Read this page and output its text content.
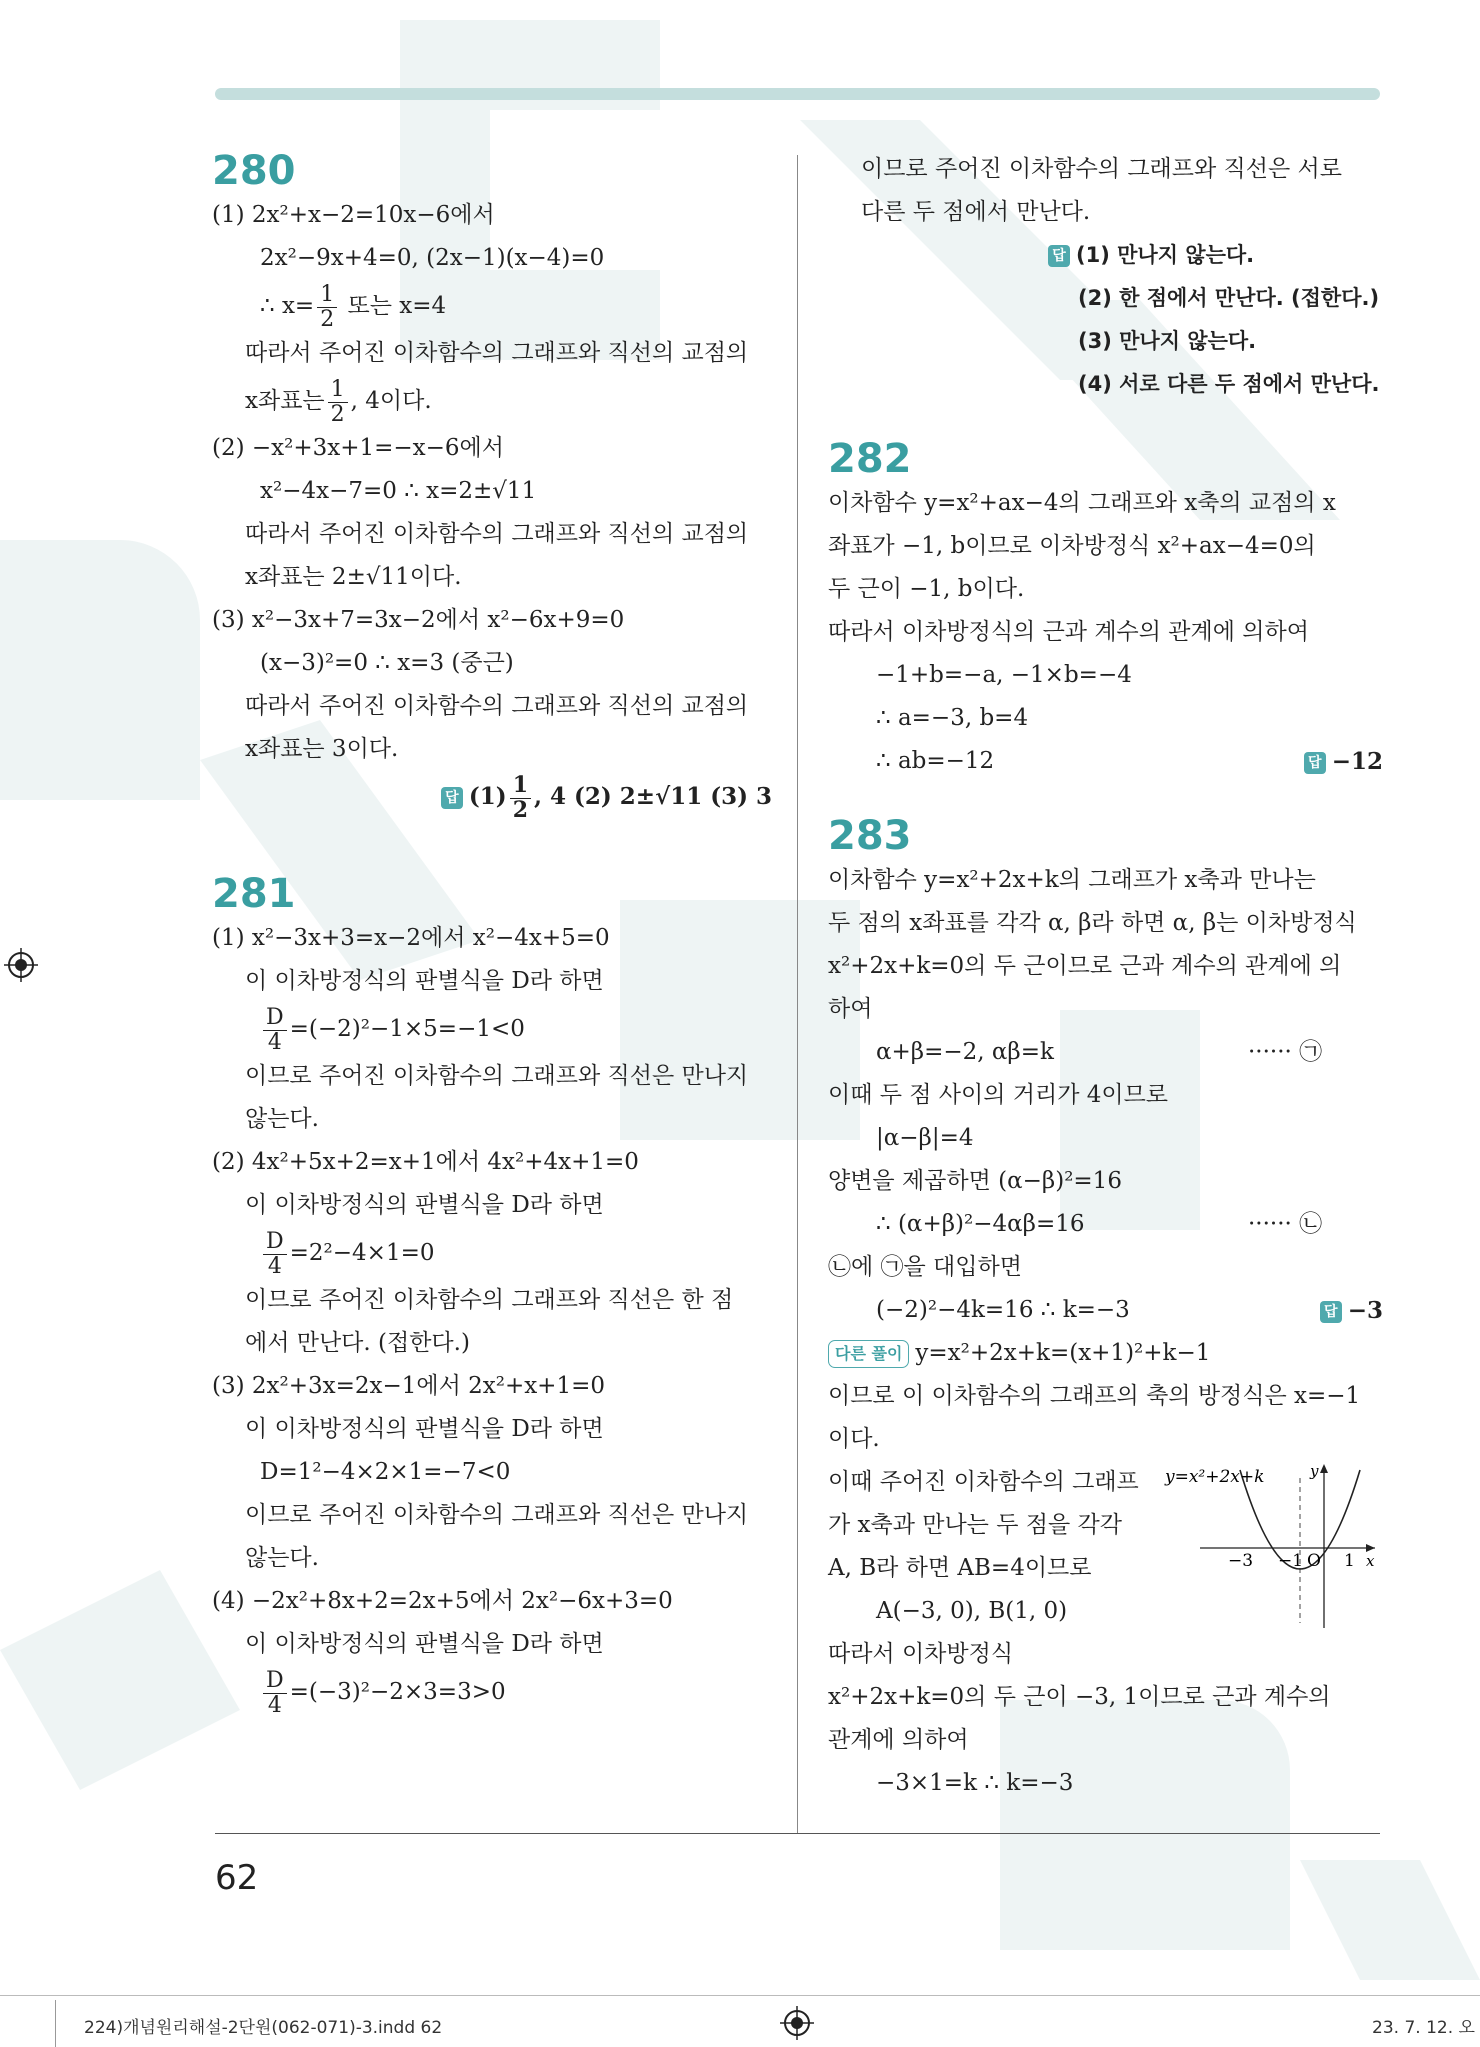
280
(1) 2x²+x−2=10x−6에서
2x²−9x+4=0, (2x−1)(x−4)=0
∴ $x= \frac{1}{2}$ 또는 x=4
따라서 주어진 이차함수의 그래프와 직선의 교점의
x좌표는 $\frac{1}{2}$ , 4이다.
(2) −x²+3x+1=−x−6에서
x²−4x−7=0 ∴ x=2±√11
따라서 주어진 이차함수의 그래프와 직선의 교점의
x좌표는 2±√11이다.
(3) x²−3x+7=3x−2에서 x²−6x+9=0
(x−3)²=0 ∴ x=3 (중근)
따라서 주어진 이차함수의 그래프와 직선의 교점의
x좌표는 3이다.
답 $(1) \frac{1}{2}$ , 4 (2) 2±√11 (3) 3
281
(1) x²−3x+3=x−2에서 x²−4x+5=0
이 이차방정식의 판별식을 D라 하면
$\frac{D}{4} =(-2)^2-1\times 5=-1<0$
이므로 주어진 이차함수의 그래프와 직선은 만나지
않는다.
(2) 4x²+5x+2=x+1에서 4x²+4x+1=0
이 이차방정식의 판별식을 D라 하면
$\frac{D}{4} =2^2-4\times 1=0$
이므로 주어진 이차함수의 그래프와 직선은 한 점
에서 만난다. (접한다.)
(3) 2x²+3x=2x−1에서 2x²+x+1=0
이 이차방정식의 판별식을 D라 하면
D=1²−4×2×1=−7<0
이므로 주어진 이차함수의 그래프와 직선은 만나지
않는다.
(4) −2x²+8x+2=2x+5에서 2x²−6x+3=0
이 이차방정식의 판별식을 D라 하면
$\frac{D}{4} =(-3)^2-2\times 3=3>0$
이므로 주어진 이차함수의 그래프와 직선은 서로
다른 두 점에서 만난다.
답 (1) 만나지 않는다.
(2) 한 점에서 만난다. (접한다.)
(3) 만나지 않는다.
(4) 서로 다른 두 점에서 만난다.
282
이차함수 y=x²+ax−4의 그래프와 x축의 교점의 x
좌표가 −1, b이므로 이차방정식 x²+ax−4=0의
두 근이 −1, b이다.
따라서 이차방정식의 근과 계수의 관계에 의하여
−1+b=−a, −1×b=−4
∴ a=−3, b=4
∴ ab=−12	답 −12
283
이차함수 y=x²+2x+k의 그래프가 x축과 만나는
두 점의 x좌표를 각각 α, β라 하면 α, β는 이차방정식
x²+2x+k=0의 두 근이므로 근과 계수의 관계에 의
하여
α+β=−2, αβ=k	······ ㉠
이때 두 점 사이의 거리가 4이므로
|α−β|=4
양변을 제곱하면 (α−β)²=16
∴ (α+β)²−4αβ=16	······ ㉡
㉡에 ㉠을 대입하면
(−2)²−4k=16 ∴ k=−3	답 −3
다른 풀이 y=x²+2x+k=(x+1)²+k−1
이므로 이 이차함수의 그래프의 축의 방정식은 x=−1
이다.
이때 주어진 이차함수의 그래프
가 x축과 만나는 두 점을 각각
A, B라 하면 AB=4이므로
A(−3, 0), B(1, 0)
따라서 이차방정식
x²+2x+k=0의 두 근이 −3, 1이므로 근과 계수의
관계에 의하여
−3×1=k ∴ k=−3
y=x²+2x+k	y
x
−3 −1 O 1
62
224)개념원리해설-2단원(062-071)-3.indd 62	23. 7. 12. 오
